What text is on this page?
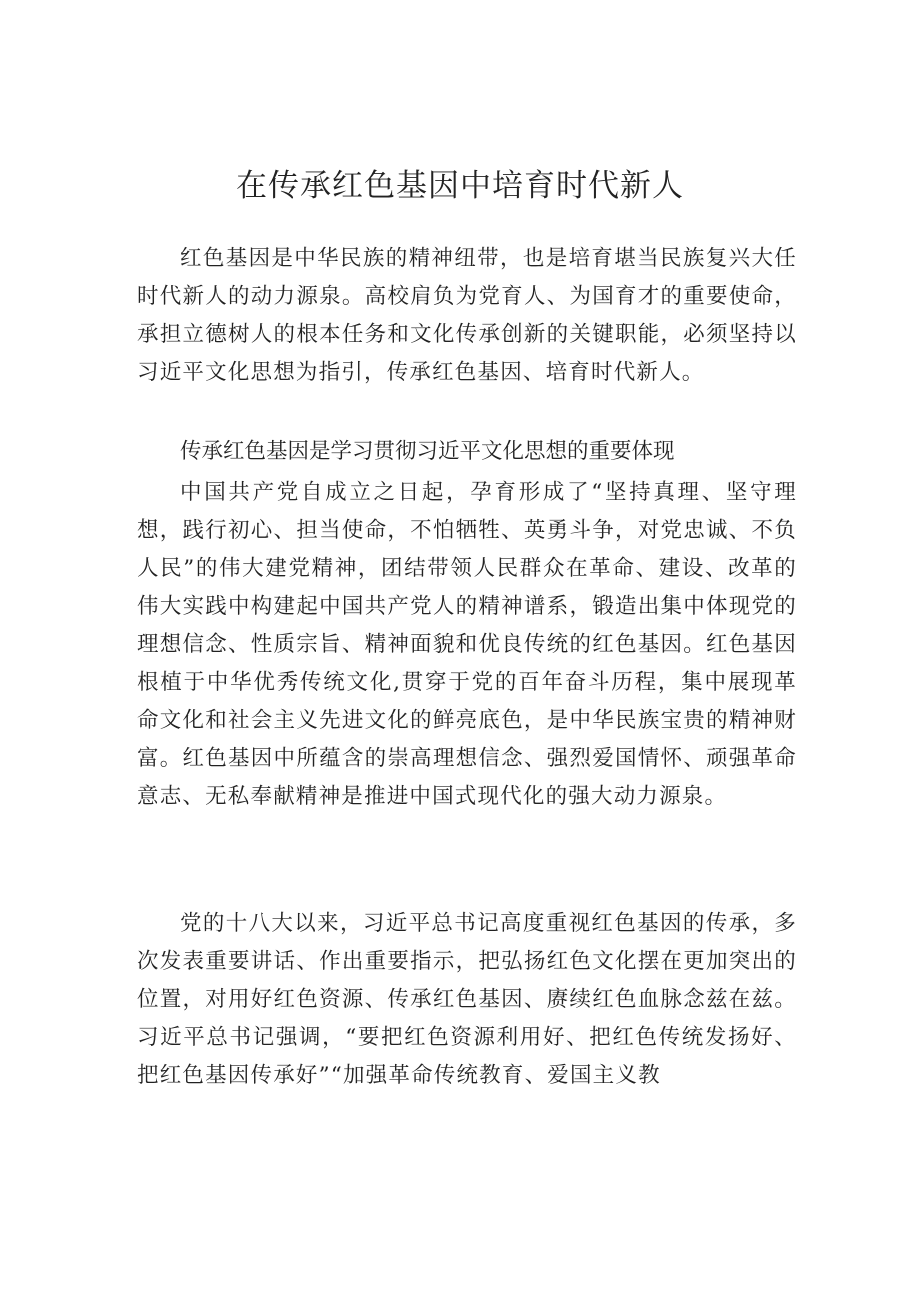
在传承红色基因中培育时代新人

红色基因是中华民族的精神纽带，也是培育堪当民族复兴大任时代新人的动力源泉。高校肩负为党育人、为国育才的重要使命，承担立德树人的根本任务和文化传承创新的关键职能，必须坚持以习近平文化思想为指引，传承红色基因、培育时代新人。

传承红色基因是学习贯彻习近平文化思想的重要体现

中国共产党自成立之日起，孕育形成了“坚持真理、坚守理想，践行初心、担当使命，不怕牺牲、英勇斗争，对党忠诚、不负人民”的伟大建党精神，团结带领人民群众在革命、建设、改革的伟大实践中构建起中国共产党人的精神谱系，锻造出集中体现党的理想信念、性质宗旨、精神面貌和优良传统的红色基因。红色基因根植于中华优秀传统文化,贯穿于党的百年奋斗历程，集中展现革命文化和社会主义先进文化的鲜亮底色，是中华民族宝贵的精神财富。红色基因中所蕴含的崇高理想信念、强烈爱国情怀、顽强革命意志、无私奉献精神是推进中国式现代化的强大动力源泉。

党的十八大以来，习近平总书记高度重视红色基因的传承，多次发表重要讲话、作出重要指示，把弘扬红色文化摆在更加突出的位置，对用好红色资源、传承红色基因、赓续红色血脉念兹在兹。习近平总书记强调，“要把红色资源利用好、把红色传统发扬好、把红色基因传承好”“加强革命传统教育、爱国主义教
